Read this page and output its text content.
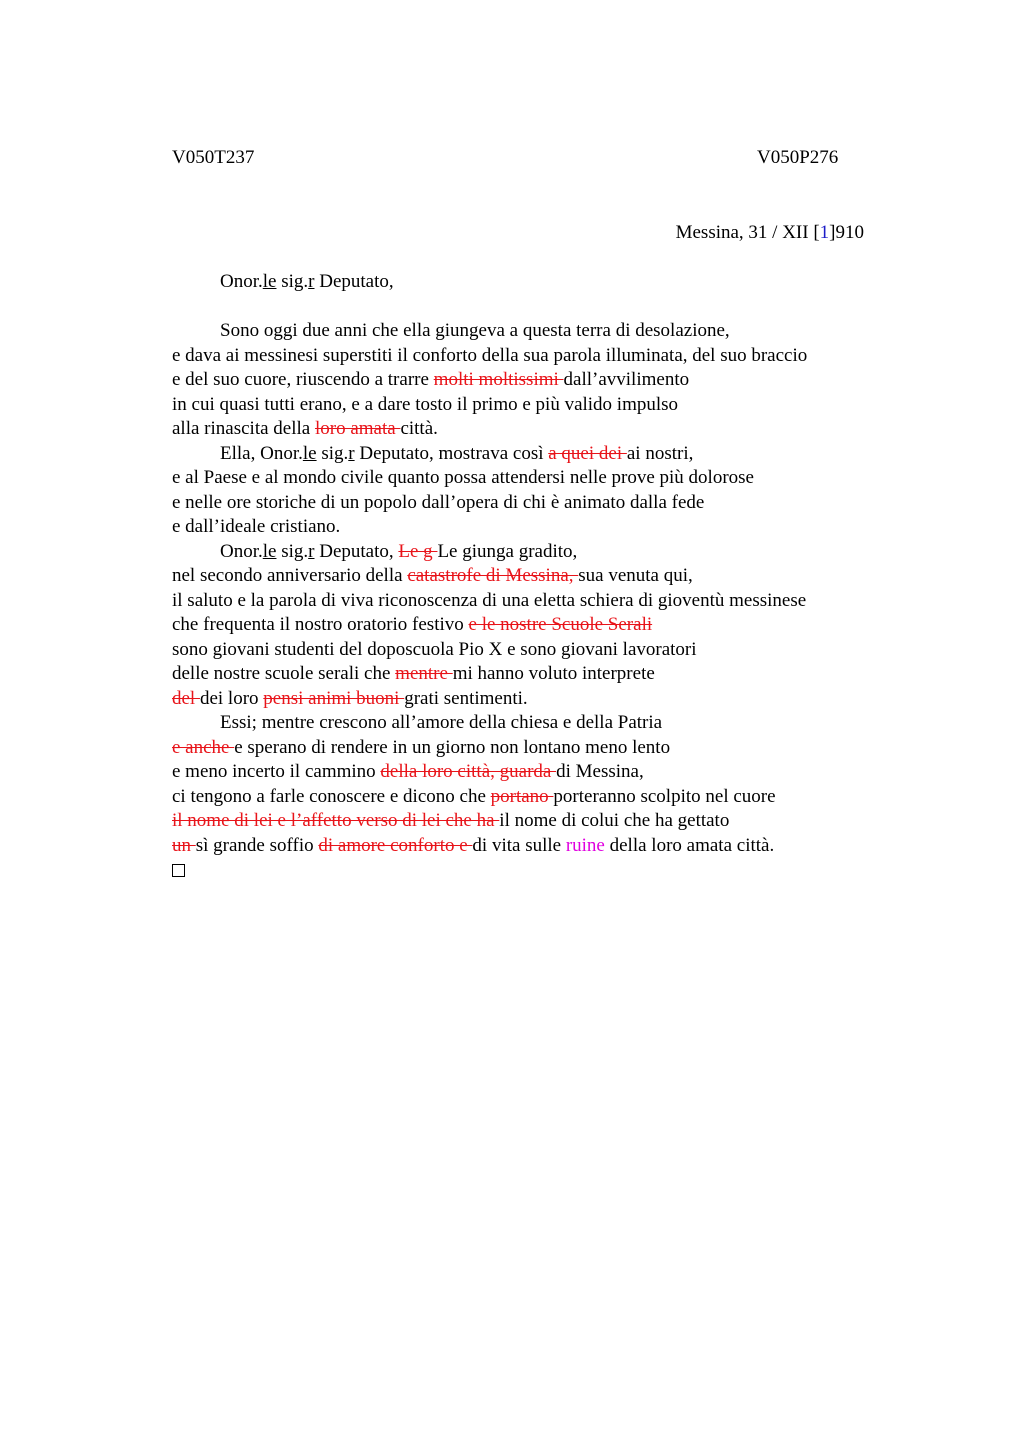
V050T237	V050P276
Messina, 31 / XII [1]910
Onor.le sig.r Deputato,
Sono oggi due anni che ella giungeva a questa terra di desolazione,
e dava ai messinesi superstiti il conforto della sua parola illuminata, del suo braccio
e del suo cuore, riuscendo a trarre molti moltissimi dall’avvilimento
in cui quasi tutti erano, e a dare tosto il primo e più valido impulso
alla rinascita della loro amata città.
Ella, Onor.le sig.r Deputato, mostrava così a quei dei ai nostri,
e al Paese e al mondo civile quanto possa attendersi nelle prove più dolorose
e nelle ore storiche di un popolo dall’opera di chi è animato dalla fede
e dall’ideale cristiano.
Onor.le sig.r Deputato, Le g Le giunga gradito,
nel secondo anniversario della catastrofe di Messina, sua venuta qui,
il saluto e la parola di viva riconoscenza di una eletta schiera di gioventù messinese
che frequenta il nostro oratorio festivo e le nostre Scuole Serali
sono giovani studenti del doposcuola Pio X e sono giovani lavoratori
delle nostre scuole serali che mentre mi hanno voluto interprete
del dei loro pensi animi buoni grati sentimenti.
Essi; mentre crescono all’amore della chiesa e della Patria
e anche e sperano di rendere in un giorno non lontano meno lento
e meno incerto il cammino della loro città, guarda di Messina,
ci tengono a farle conoscere e dicono che portano porteranno scolpito nel cuore
il nome di lei e l’affetto verso di lei che ha il nome di colui che ha gettato
un sì grande soffio di amore conforto e di vita sulle ruine della loro amata città.
